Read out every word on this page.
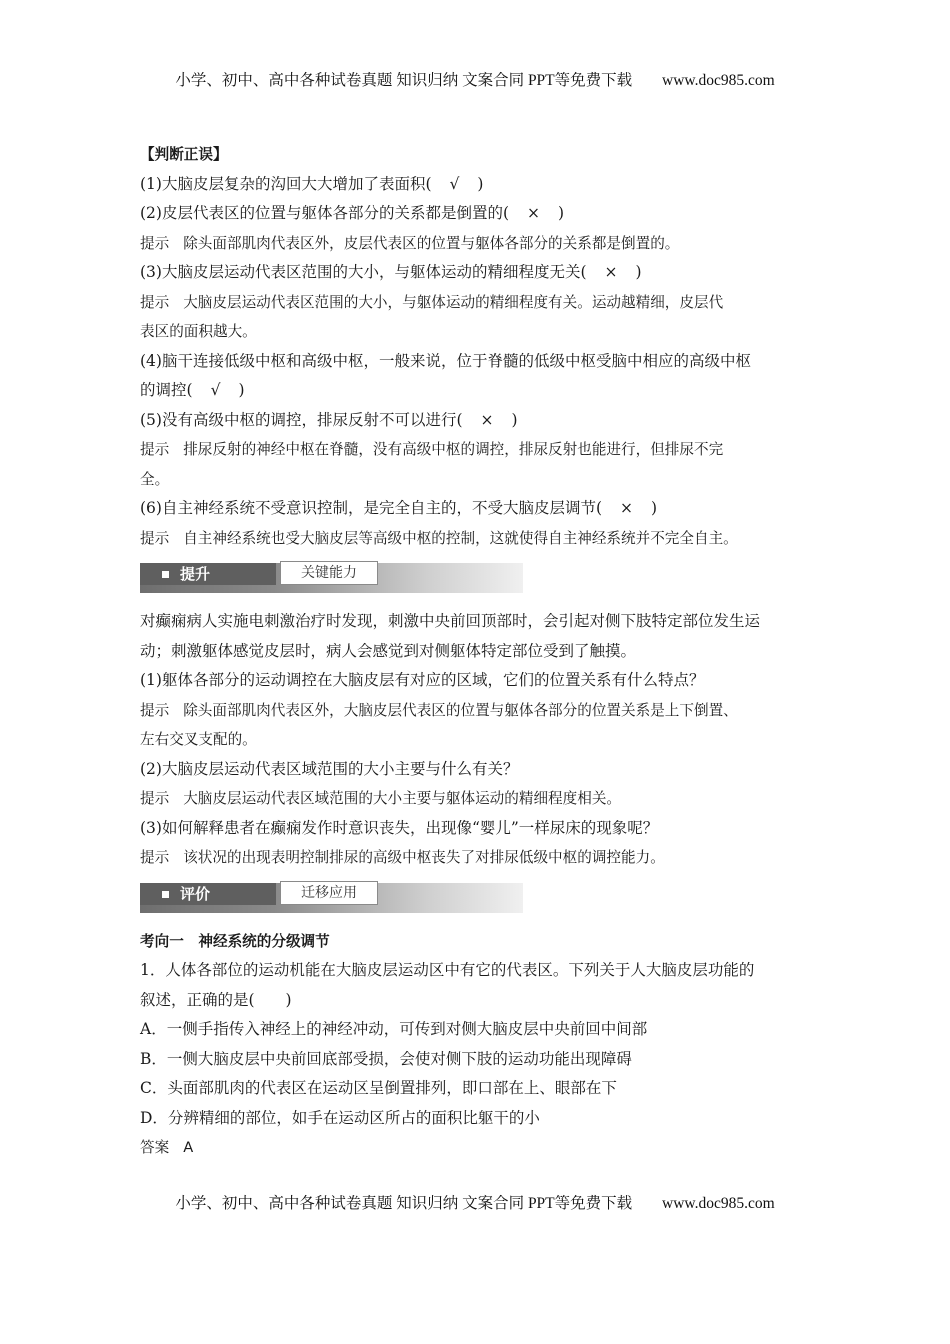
小学、初中、高中各种试卷真题 知识归纳 文案合同 PPT等免费下载 www.doc985.com
【判断正误】
(1)大脑皮层复杂的沟回大大增加了表面积( √ )
(2)皮层代表区的位置与躯体各部分的关系都是倒置的( × )
提示 除头面部肌肉代表区外，皮层代表区的位置与躯体各部分的关系都是倒置的。
(3)大脑皮层运动代表区范围的大小，与躯体运动的精细程度无关( × )
提示 大脑皮层运动代表区范围的大小，与躯体运动的精细程度有关。运动越精细，皮层代
表区的面积越大。
(4)脑干连接低级中枢和高级中枢，一般来说，位于脊髓的低级中枢受脑中相应的高级中枢
的调控( √ )
(5)没有高级中枢的调控，排尿反射不可以进行( × )
提示 排尿反射的神经中枢在脊髓，没有高级中枢的调控，排尿反射也能进行，但排尿不完
全。
(6)自主神经系统不受意识控制，是完全自主的，不受大脑皮层调节( × )
提示 自主神经系统也受大脑皮层等高级中枢的控制，这就使得自主神经系统并不完全自主。
提升	关键能力
对癫痫病人实施电刺激治疗时发现，刺激中央前回顶部时，会引起对侧下肢特定部位发生运
动；刺激躯体感觉皮层时，病人会感觉到对侧躯体特定部位受到了触摸。
(1)躯体各部分的运动调控在大脑皮层有对应的区域，它们的位置关系有什么特点？
提示 除头面部肌肉代表区外，大脑皮层代表区的位置与躯体各部分的位置关系是上下倒置、
左右交叉支配的。
(2)大脑皮层运动代表区域范围的大小主要与什么有关？
提示 大脑皮层运动代表区域范围的大小主要与躯体运动的精细程度相关。
(3)如何解释患者在癫痫发作时意识丧失，出现像“婴儿”一样尿床的现象呢？
提示 该状况的出现表明控制排尿的高级中枢丧失了对排尿低级中枢的调控能力。
评价	迁移应用
考向一　神经系统的分级调节
1．人体各部位的运动机能在大脑皮层运动区中有它的代表区。下列关于人大脑皮层功能的
叙述，正确的是(　　)
A．一侧手指传入神经上的神经冲动，可传到对侧大脑皮层中央前回中间部
B．一侧大脑皮层中央前回底部受损，会使对侧下肢的运动功能出现障碍
C．头面部肌肉的代表区在运动区呈倒置排列，即口部在上、眼部在下
D．分辨精细的部位，如手在运动区所占的面积比躯干的小
答案 A
小学、初中、高中各种试卷真题 知识归纳 文案合同 PPT等免费下载 www.doc985.com
